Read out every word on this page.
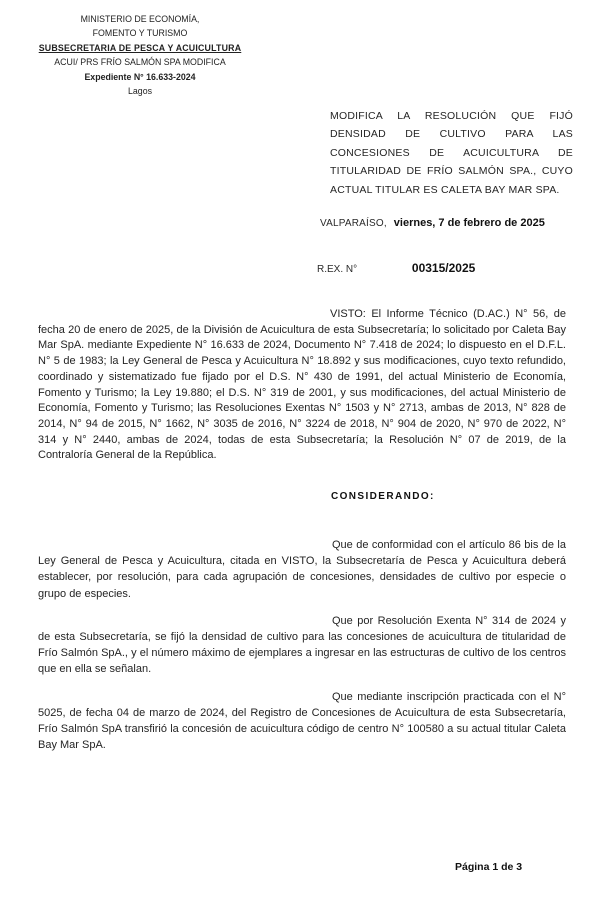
MINISTERIO DE ECONOMÍA,
FOMENTO Y TURISMO
SUBSECRETARIA DE PESCA Y ACUICULTURA
ACUI/ PRS FRÍO SALMÓN SPA MODIFICA
Expediente N° 16.633-2024
Lagos
MODIFICA LA RESOLUCIÓN QUE FIJÓ DENSIDAD DE CULTIVO PARA LAS CONCESIONES DE ACUICULTURA DE TITULARIDAD DE FRÍO SALMÓN SPA., CUYO ACTUAL TITULAR ES CALETA BAY MAR SPA.
VALPARAÍSO, viernes, 7 de febrero de 2025
R.EX. N°	00315/2025

VISTO: El Informe Técnico (D.AC.) N° 56, de fecha 20 de enero de 2025, de la División de Acuicultura de esta Subsecretaría; lo solicitado por Caleta Bay Mar SpA. mediante Expediente N° 16.633 de 2024, Documento N° 7.418 de 2024; lo dispuesto en el D.F.L. N° 5 de 1983; la Ley General de Pesca y Acuicultura N° 18.892 y sus modificaciones, cuyo texto refundido, coordinado y sistematizado fue fijado por el D.S. N° 430 de 1991, del actual Ministerio de Economía, Fomento y Turismo; la Ley 19.880; el D.S. N° 319 de 2001, y sus modificaciones, del actual Ministerio de Economía, Fomento y Turismo; las Resoluciones Exentas N° 1503 y N° 2713, ambas de 2013, N° 828 de 2014, N° 94 de 2015, N° 1662, N° 3035 de 2016, N° 3224 de 2018, N° 904 de 2020, N° 970 de 2022, N° 314 y N° 2440, ambas de 2024, todas de esta Subsecretaría; la Resolución N° 07 de 2019, de la Contraloría General de la República.

CONSIDERANDO:

Que de conformidad con el artículo 86 bis de la Ley General de Pesca y Acuicultura, citada en VISTO, la Subsecretaría de Pesca y Acuicultura deberá establecer, por resolución, para cada agrupación de concesiones, densidades de cultivo por especie o grupo de especies.

Que por Resolución Exenta N° 314 de 2024 y de esta Subsecretaría, se fijó la densidad de cultivo para las concesiones de acuicultura de titularidad de Frío Salmón SpA., y el número máximo de ejemplares a ingresar en las estructuras de cultivo de los centros que en ella se señalan.

Que mediante inscripción practicada con el N° 5025, de fecha 04 de marzo de 2024, del Registro de Concesiones de Acuicultura de esta Subsecretaría, Frío Salmón SpA transfirió la concesión de acuicultura código de centro N° 100580 a su actual titular Caleta Bay Mar SpA.

Página 1 de 3
